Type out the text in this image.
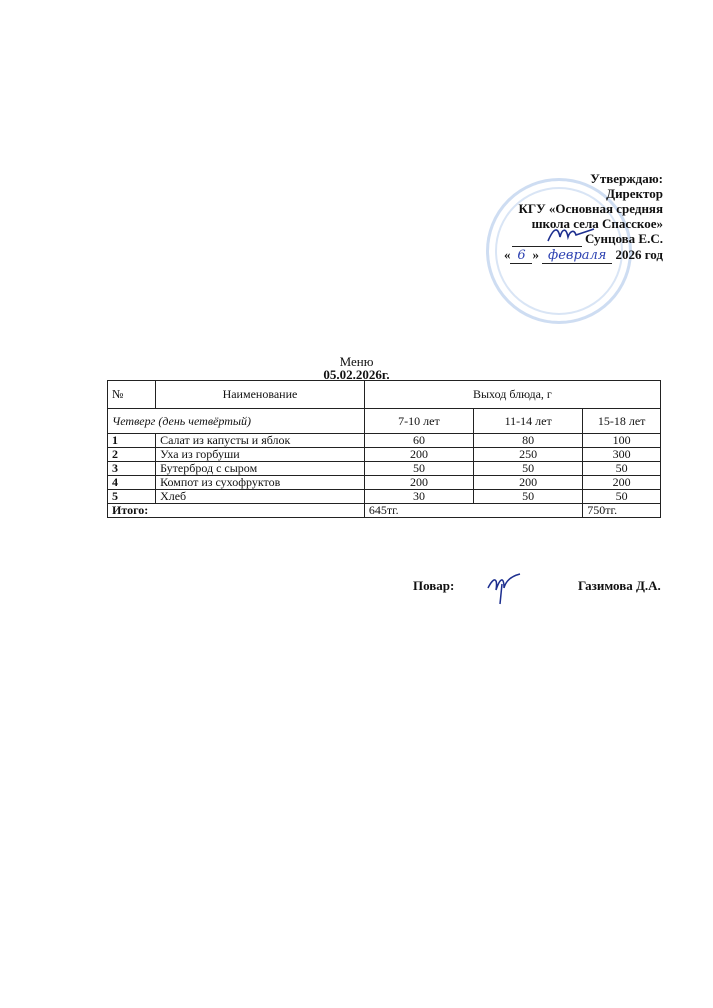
Утверждаю:
Директор
КГУ «Основная средняя
школа села Спасское»
Сунцова Е.С.
« 6 » февраля 2026 год
Меню
05.02.2026г.
№	Наименование	Выход блюда, г		
Четверг (день четвёртый)		7-10 лет	11-14 лет	15-18 лет
1	Салат из капусты и яблок	60	80	100
2	Уха из горбуши	200	250	300
3	Бутерброд с сыром	50	50	50
4	Компот из сухофруктов	200	200	200
5	Хлеб	30	50	50
Итого:		645тг.		750тг.
Повар:	Газимова Д.А.
